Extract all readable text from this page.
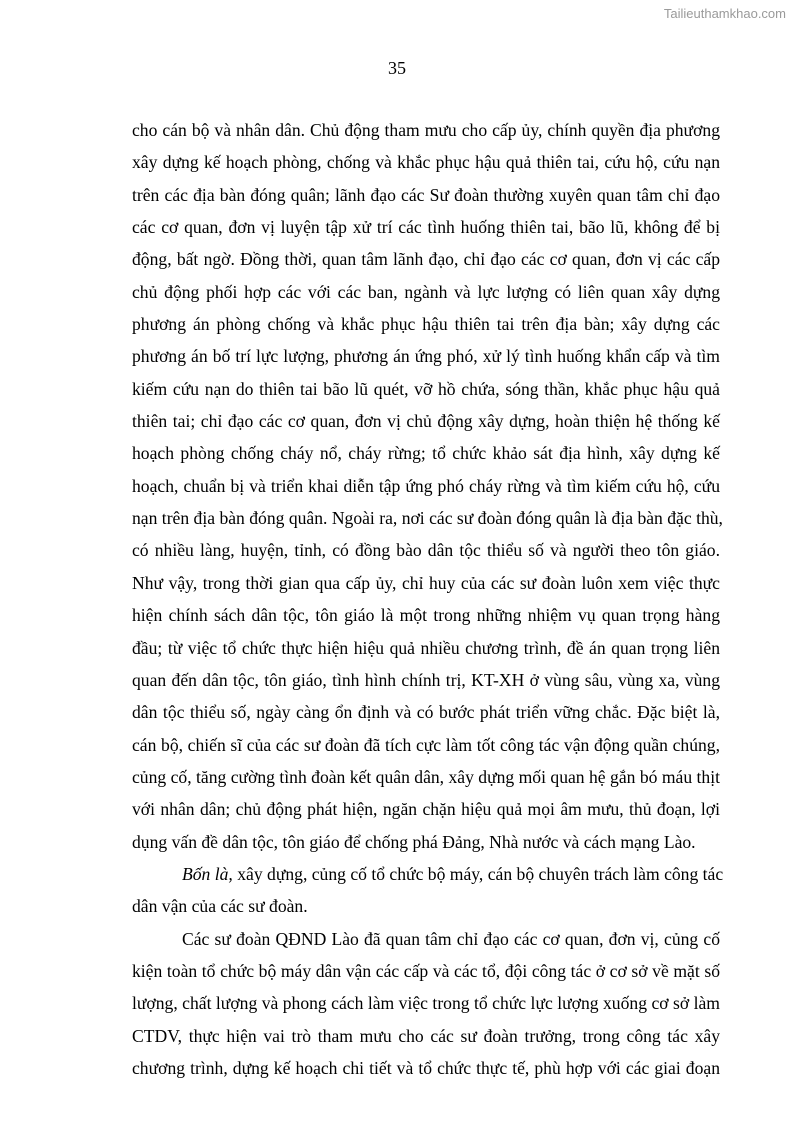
Tailieuthamkhao.com
35
cho cán bộ và nhân dân. Chủ động tham mưu cho cấp ủy, chính quyền địa phương
xây dựng kế hoạch phòng, chống và khắc phục hậu quả thiên tai, cứu hộ, cứu nạn
trên các địa bàn đóng quân; lãnh đạo các Sư đoàn thường xuyên quan tâm chỉ đạo
các cơ quan, đơn vị luyện tập xử trí các tình huống thiên tai, bão lũ, không để bị
động, bất ngờ. Đồng thời, quan tâm lãnh đạo, chỉ đạo các cơ quan, đơn vị các cấp
chủ động phối hợp các với các ban, ngành và lực lượng có liên quan xây dựng
phương án phòng chống và khắc phục hậu thiên tai trên địa bàn; xây dựng các
phương án bố trí lực lượng, phương án ứng phó, xử lý tình huống khẩn cấp và tìm
kiếm cứu nạn do thiên tai bão lũ quét, vỡ hồ chứa, sóng thần, khắc phục hậu quả
thiên tai; chỉ đạo các cơ quan, đơn vị chủ động xây dựng, hoàn thiện hệ thống kế
hoạch phòng chống cháy nổ, cháy rừng; tổ chức khảo sát địa hình, xây dựng kế
hoạch, chuẩn bị và triển khai diễn tập ứng phó cháy rừng và tìm kiếm cứu hộ, cứu
nạn trên địa bàn đóng quân. Ngoài ra, nơi các sư đoàn đóng quân là địa bàn đặc thù,
có nhiều làng, huyện, tỉnh, có đồng bào dân tộc thiểu số và người theo tôn giáo.
Như vậy, trong thời gian qua cấp ủy, chỉ huy của các sư đoàn luôn xem việc thực
hiện chính sách dân tộc, tôn giáo là một trong những nhiệm vụ quan trọng hàng
đầu; từ việc tổ chức thực hiện hiệu quả nhiều chương trình, đề án quan trọng liên
quan đến dân tộc, tôn giáo, tình hình chính trị, KT-XH ở vùng sâu, vùng xa, vùng
dân tộc thiểu số, ngày càng ổn định và có bước phát triển vững chắc. Đặc biệt là,
cán bộ, chiến sĩ của các sư đoàn đã tích cực làm tốt công tác vận động quần chúng,
củng cố, tăng cường tình đoàn kết quân dân, xây dựng mối quan hệ gắn bó máu thịt
với nhân dân; chủ động phát hiện, ngăn chặn hiệu quả mọi âm mưu, thủ đoạn, lợi
dụng vấn đề dân tộc, tôn giáo để chống phá Đảng, Nhà nước và cách mạng Lào.
Bốn là, xây dựng, củng cố tổ chức bộ máy, cán bộ chuyên trách làm công tác
dân vận của các sư đoàn.
Các sư đoàn QĐND Lào đã quan tâm chỉ đạo các cơ quan, đơn vị, củng cố
kiện toàn tổ chức bộ máy dân vận các cấp và các tổ, đội công tác ở cơ sở về mặt số
lượng, chất lượng và phong cách làm việc trong tổ chức lực lượng xuống cơ sở làm
CTDV, thực hiện vai trò tham mưu cho các sư đoàn trưởng, trong công tác xây
chương trình, dựng kế hoạch chi tiết và tổ chức thực tế, phù hợp với các giai đoạn
